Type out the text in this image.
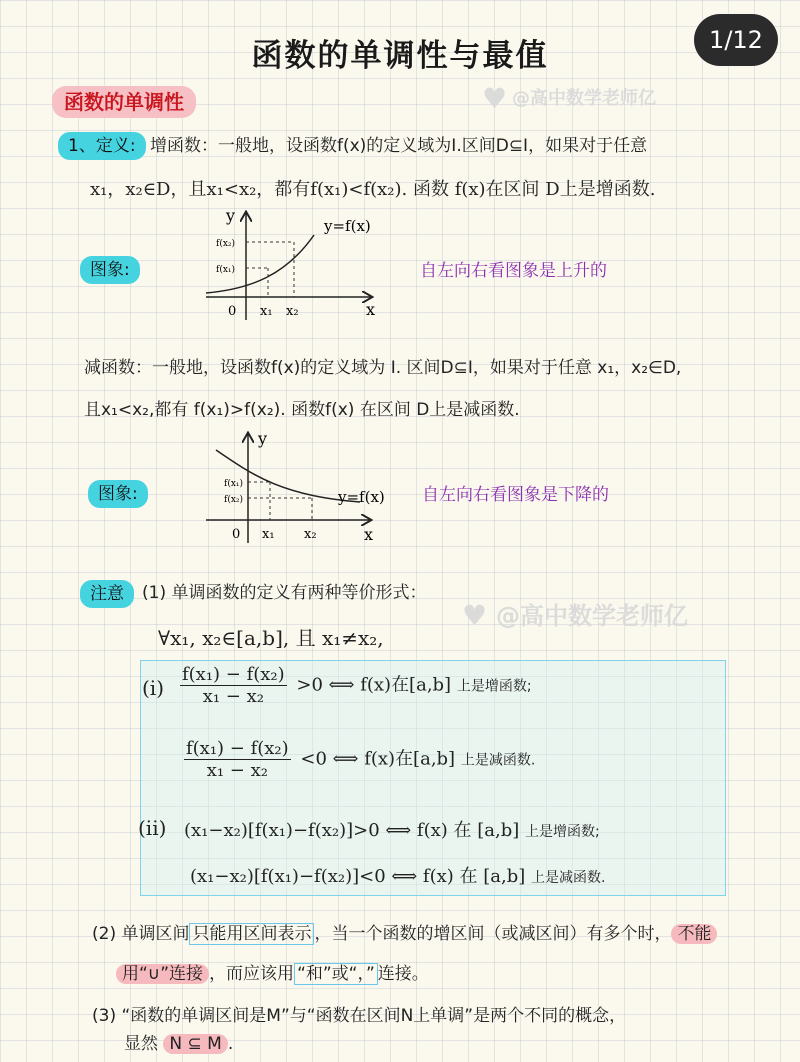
函数的单调性与最值	1/12
♥ @高中数学老师亿
♥ @高中数学老师亿
函数的单调性
1、定义: 增函数：一般地，设函数f(x)的定义域为Ⅰ.区间D⊆Ⅰ，如果对于任意
x₁，x₂∈D，且x₁<x₂，都有f(x₁)<f(x₂). 函数 f(x)在区间 D上是增函数.
图象:	自左向右看图象是上升的
y
x
0 x₁ x₂
f(x₁)
f(x₂)
y=f(x)
减函数：一般地，设函数f(x)的定义域为 Ⅰ. 区间D⊆Ⅰ，如果对于任意 x₁，x₂∈D,
且x₁<x₂,都有 f(x₁)>f(x₂). 函数f(x) 在区间 D上是减函数.
图象:	自左向右看图象是下降的
y
x
0 x₁ x₂
f(x₁)
f(x₂)	y=f(x)
注意	(1) 单调函数的定义有两种等价形式：
∀x₁, x₂∈[a,b], 且 x₁≠x₂,
$(i) \frac{\text{f(x₁) − f(x₂)}}{\text{x₁ − x₂}} >0$ ⟺ f(x)在[a,b] 上是增函数;
$\frac{\text{f(x₁) − f(x₂)}}{\text{x₁ − x₂}} <0$ ⟺ f(x)在[a,b] 上是减函数.
(ii) (x₁−x₂)[f(x₁)−f(x₂)]>0 ⟺ f(x) 在 [a,b] 上是增函数;
(x₁−x₂)[f(x₁)−f(x₂)]<0 ⟺ f(x) 在 [a,b] 上是减函数.
(2) 单调区间 只能用区间表示 ，当一个函数的增区间（或减区间）有多个时， 不能
用“∪”连接 ，而应该用 “和”或“，” 连接。
(3) “函数的单调区间是M”与“函数在区间N上单调”是两个不同的概念，
显然 N ⊆ M .
